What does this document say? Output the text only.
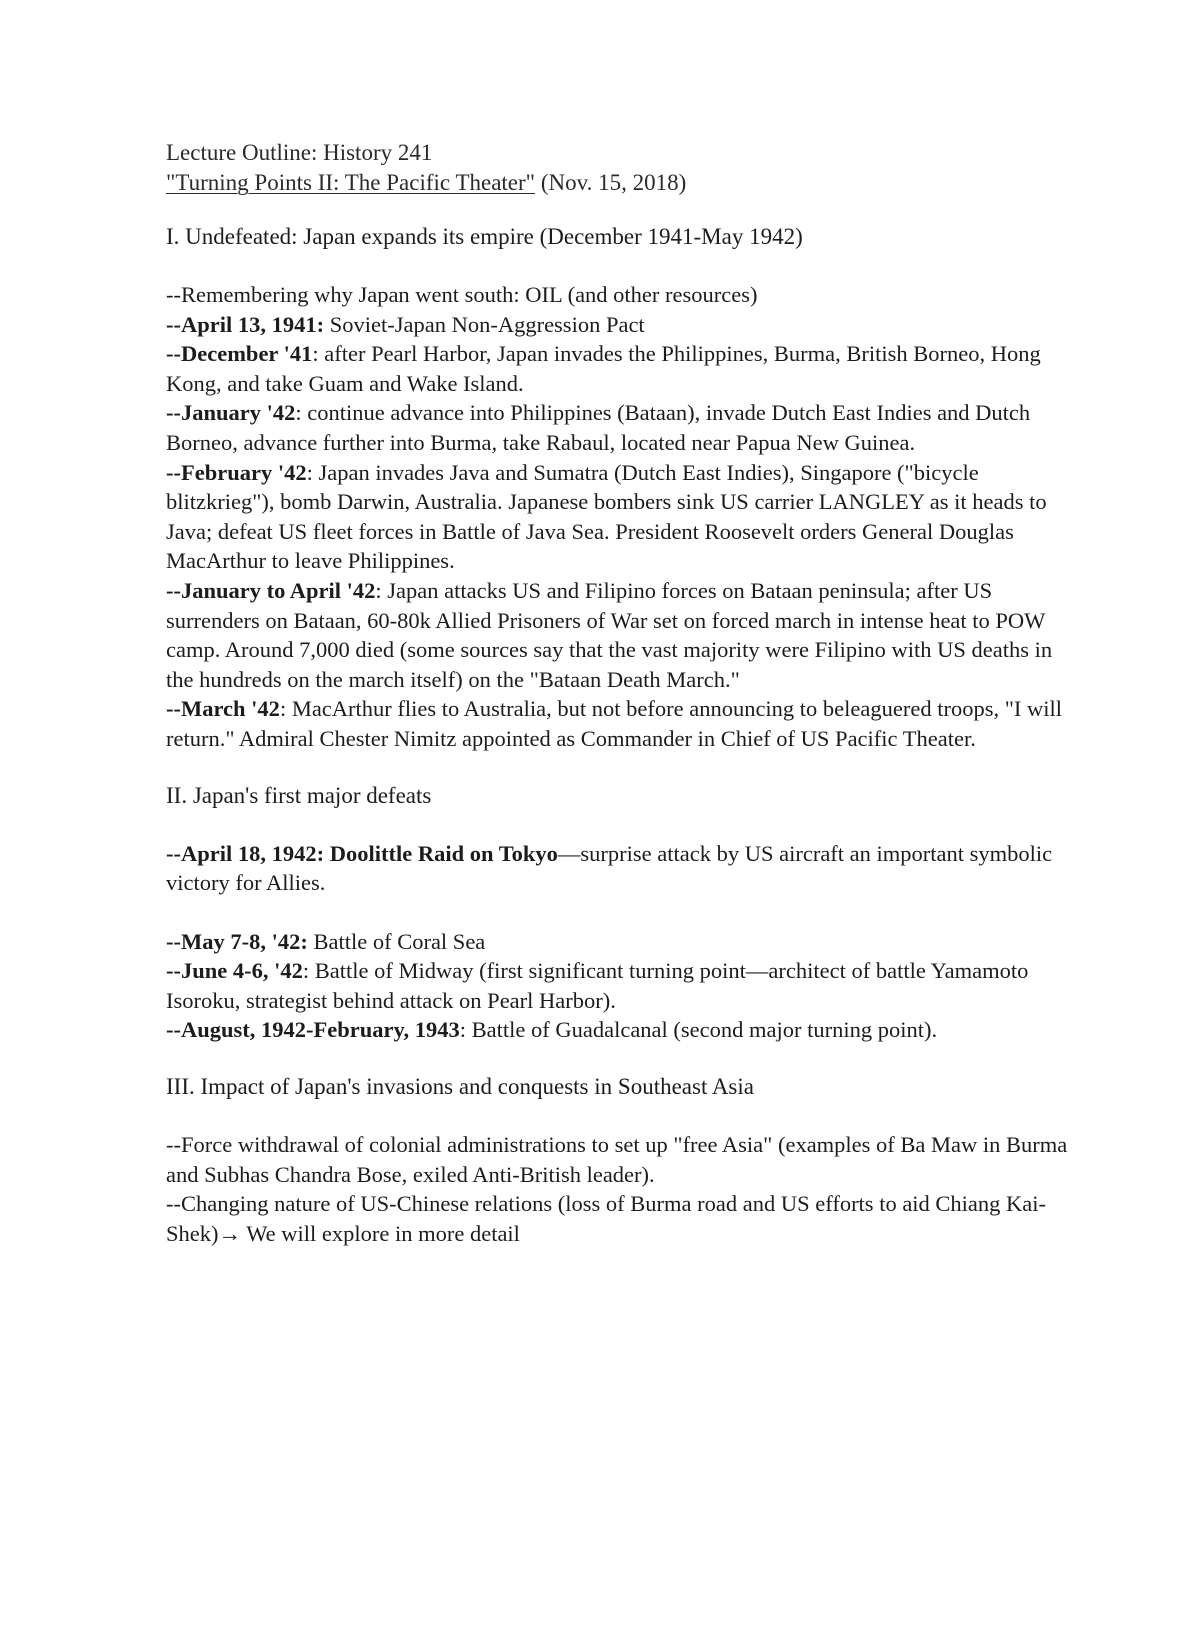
Lecture Outline: History 241

"Turning Points II: The Pacific Theater" (Nov. 15, 2018)

I. Undefeated: Japan expands its empire (December 1941-May 1942)

--Remembering why Japan went south: OIL (and other resources)

--April 13, 1941: Soviet-Japan Non-Aggression Pact

--December '41: after Pearl Harbor, Japan invades the Philippines, Burma, British Borneo, Hong Kong, and take Guam and Wake Island.

--January '42: continue advance into Philippines (Bataan), invade Dutch East Indies and Dutch Borneo, advance further into Burma, take Rabaul, located near Papua New Guinea.

--February '42: Japan invades Java and Sumatra (Dutch East Indies), Singapore ("bicycle blitzkrieg"), bomb Darwin, Australia. Japanese bombers sink US carrier LANGLEY as it heads to Java; defeat US fleet forces in Battle of Java Sea. President Roosevelt orders General Douglas MacArthur to leave Philippines.

--January to April '42: Japan attacks US and Filipino forces on Bataan peninsula; after US surrenders on Bataan, 60-80k Allied Prisoners of War set on forced march in intense heat to POW camp. Around 7,000 died (some sources say that the vast majority were Filipino with US deaths in the hundreds on the march itself) on the "Bataan Death March."

--March '42: MacArthur flies to Australia, but not before announcing to beleaguered troops, "I will return." Admiral Chester Nimitz appointed as Commander in Chief of US Pacific Theater.

II. Japan's first major defeats

--April 18, 1942: Doolittle Raid on Tokyo—surprise attack by US aircraft an important symbolic victory for Allies.

--May 7-8, '42: Battle of Coral Sea

--June 4-6, '42: Battle of Midway (first significant turning point—architect of battle Yamamoto Isoroku, strategist behind attack on Pearl Harbor).

--August, 1942-February, 1943: Battle of Guadalcanal (second major turning point).

III. Impact of Japan's invasions and conquests in Southeast Asia

--Force withdrawal of colonial administrations to set up "free Asia" (examples of Ba Maw in Burma and Subhas Chandra Bose, exiled Anti-British leader).

--Changing nature of US-Chinese relations (loss of Burma road and US efforts to aid Chiang Kai-Shek)→ We will explore in more detail
